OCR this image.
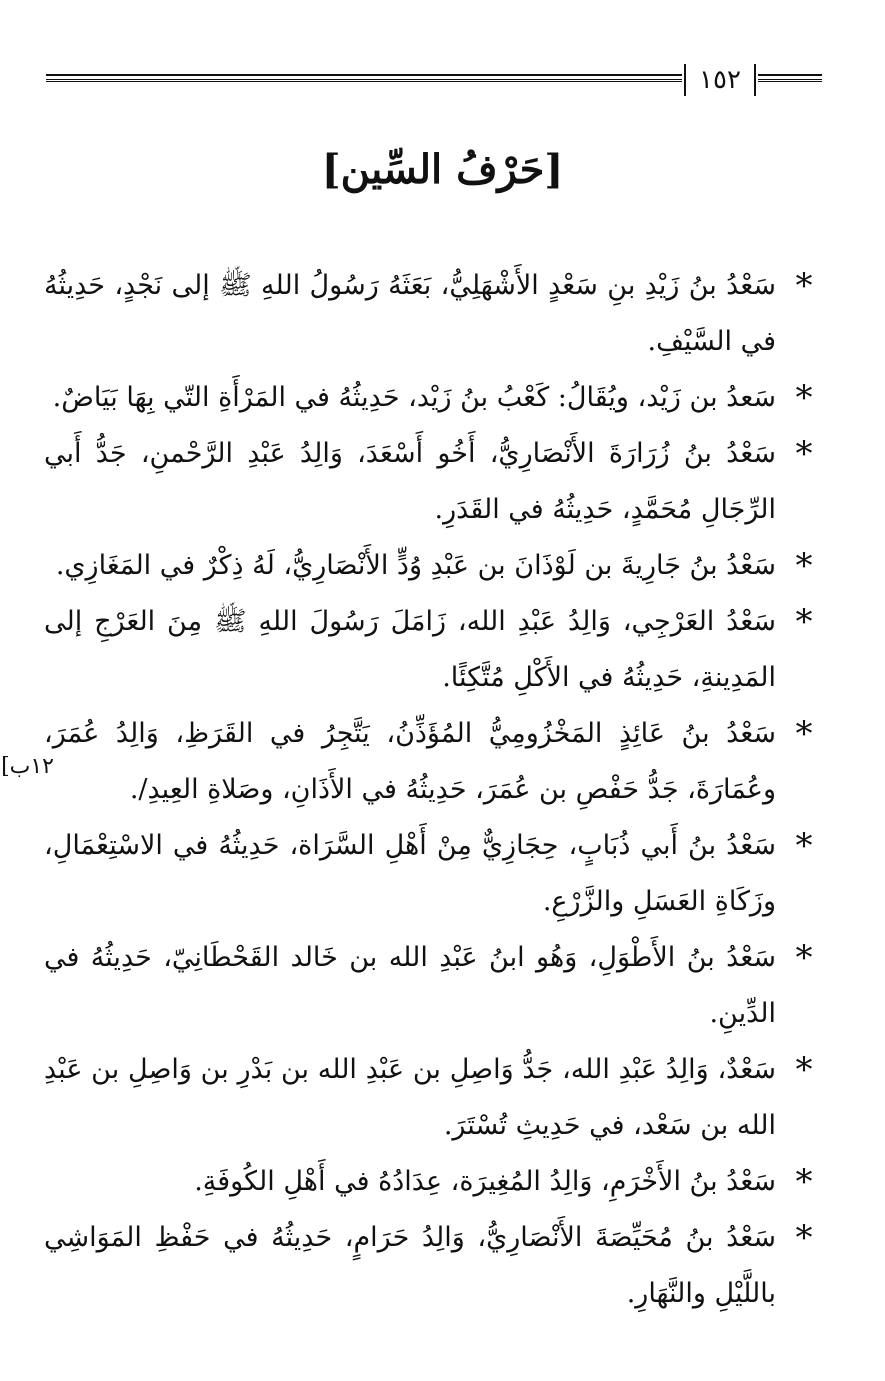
١٥٢
[حَرْفُ السِّين]
١٢ب]
*
سَعْدُ بنُ زَيْدِ بنِ سَعْدٍ الأَشْهَلِيُّ، بَعَثَهُ رَسُولُ اللهِ ﷺ إلى نَجْدٍ، حَدِيثُهُ في السَّيْفِ.
*
سَعدُ بن زَيْد، ويُقَالُ: كَعْبُ بنُ زَيْد، حَدِيثُهُ في المَرْأَةِ التّي بِهَا بَيَاضٌ.
*
سَعْدُ بنُ زُرَارَةَ الأَنْصَارِيُّ، أَخُو أَسْعَدَ، وَالِدُ عَبْدِ الرَّحْمنِ، جَدُّ أَبي الرِّجَالِ مُحَمَّدٍ، حَدِيثُهُ في القَدَرِ.
*
سَعْدُ بنُ جَارِيةَ بن لَوْذَانَ بن عَبْدِ وُدٍّ الأَنْصَارِيُّ، لَهُ ذِكْرٌ في المَغَازِي.
*
سَعْدُ العَرْجِي، وَالِدُ عَبْدِ الله، زَامَلَ رَسُولَ اللهِ ﷺ مِنَ العَرْجِ إلى المَدِينةِ، حَدِيثُهُ في الأَكْلِ مُتَّكِئًا.
*
سَعْدُ بنُ عَائِذٍ المَخْزُومِيُّ المُؤَذِّنُ، يَتَّجِرُ في القَرَظِ، وَالِدُ عُمَرَ، وعُمَارَةَ، جَدُّ حَفْصِ بن عُمَرَ، حَدِيثُهُ في الأَذَانِ، وصَلاةِ العِيدِ/.
*
سَعْدُ بنُ أَبي ذُبَابٍ، حِجَازِيٌّ مِنْ أَهْلِ السَّرَاة، حَدِيثُهُ في الاسْتِعْمَالِ، وزَكَاةِ العَسَلِ والزَّرْعِ.
*
سَعْدُ بنُ الأَطْوَلِ، وَهُو ابنُ عَبْدِ الله بن خَالد القَحْطَانِيّ، حَدِيثُهُ في الدِّينِ.
*
سَعْدٌ، وَالِدُ عَبْدِ الله، جَدُّ وَاصِلِ بن عَبْدِ الله بن بَدْرِ بن وَاصِلِ بن عَبْدِ الله بن سَعْد، في حَدِيثِ تُسْتَرَ.
*
سَعْدُ بنُ الأَخْرَمِ، وَالِدُ المُغِيرَة، عِدَادُهُ في أَهْلِ الكُوفَةِ.
*
سَعْدُ بنُ مُحَيِّصَةَ الأَنْصَارِيُّ، وَالِدُ حَرَامٍ، حَدِيثُهُ في حَفْظِ المَوَاشِي باللَّيْلِ والنَّهَارِ.
